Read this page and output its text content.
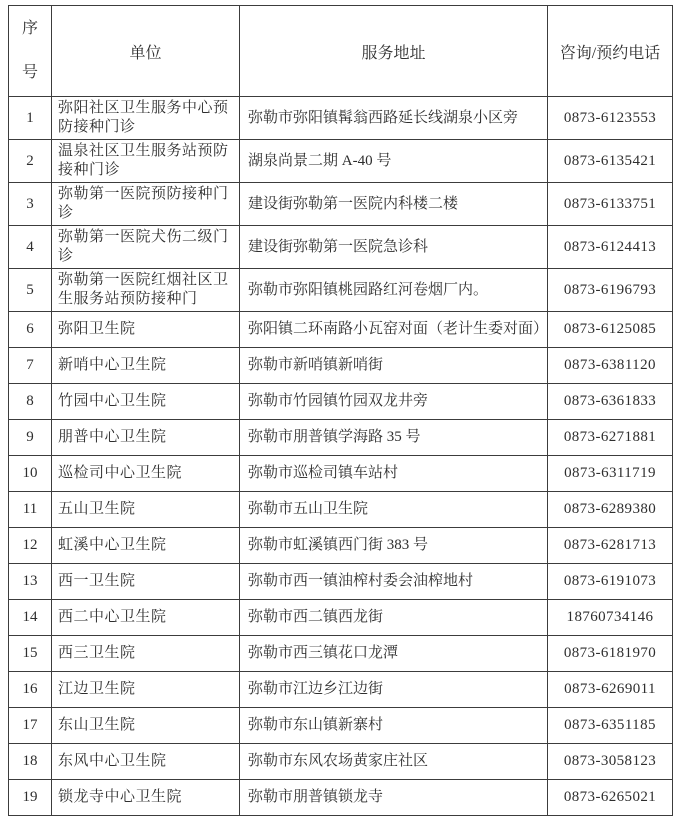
序号	单位	服务地址	咨询/预约电话
1	弥阳社区卫生服务中心预防接种门诊	弥勒市弥阳镇髯翁西路延长线湖泉小区旁	0873-6123553
2	温泉社区卫生服务站预防接种门诊	湖泉尚景二期 A-40 号	0873-6135421
3	弥勒第一医院预防接种门诊	建设街弥勒第一医院内科楼二楼	0873-6133751
4	弥勒第一医院犬伤二级门诊	建设街弥勒第一医院急诊科	0873-6124413
5	弥勒第一医院红烟社区卫生服务站预防接种门	弥勒市弥阳镇桃园路红河卷烟厂内。	0873-6196793
6	弥阳卫生院	弥阳镇二环南路小瓦窑对面（老计生委对面）	0873-6125085
7	新哨中心卫生院	弥勒市新哨镇新哨街	0873-6381120
8	竹园中心卫生院	弥勒市竹园镇竹园双龙井旁	0873-6361833
9	朋普中心卫生院	弥勒市朋普镇学海路 35 号	0873-6271881
10	巡检司中心卫生院	弥勒市巡检司镇车站村	0873-6311719
11	五山卫生院	弥勒市五山卫生院	0873-6289380
12	虹溪中心卫生院	弥勒市虹溪镇西门街 383 号	0873-6281713
13	西一卫生院	弥勒市西一镇油榨村委会油榨地村	0873-6191073
14	西二中心卫生院	弥勒市西二镇西龙街	18760734146
15	西三卫生院	弥勒市西三镇花口龙潭	0873-6181970
16	江边卫生院	弥勒市江边乡江边街	0873-6269011
17	东山卫生院	弥勒市东山镇新寨村	0873-6351185
18	东风中心卫生院	弥勒市东风农场黄家庄社区	0873-3058123
19	锁龙寺中心卫生院	弥勒市朋普镇锁龙寺	0873-6265021
